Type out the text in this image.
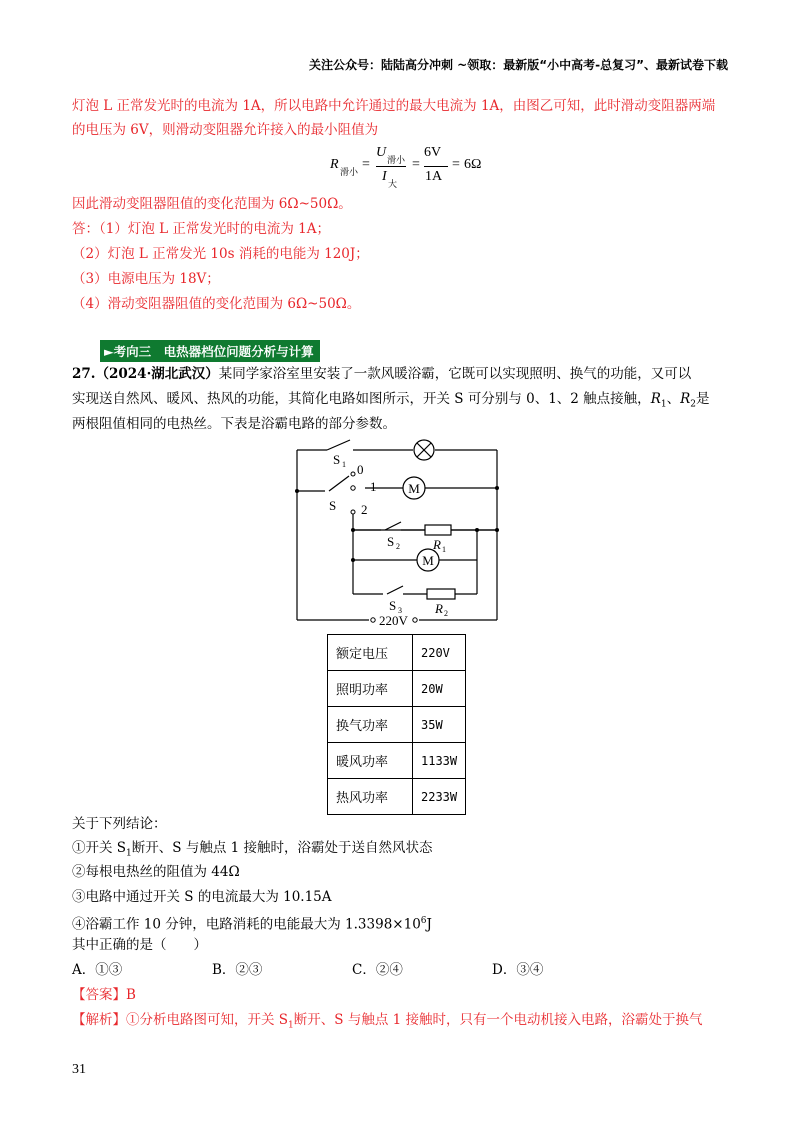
关注公众号：陆陆高分冲刺 ~领取：最新版“小中高考-总复习”、最新试卷下载
灯泡 L 正常发光时的电流为 1A，所以电路中允许通过的最大电流为 1A，由图乙可知，此时滑动变阻器两端
的电压为 6V，则滑动变阻器允许接入的最小阻值为
R 滑小 =
U 滑小
I 大
=
6V
1A
= 6Ω
因此滑动变阻器阻值的变化范围为 6Ω~50Ω。
答：（1）灯泡 L 正常发光时的电流为 1A；
（2）灯泡 L 正常发光 10s 消耗的电能为 120J；
（3）电源电压为 18V；
（4）滑动变阻器阻值的变化范围为 6Ω~50Ω。
►考向三　电热器档位问题分析与计算
27.（2024·湖北武汉）某同学家浴室里安装了一款风暖浴霸，它既可以实现照明、换气的功能，又可以
实现送自然风、暖风、热风的功能，其简化电路如图所示，开关 S 可分别与 0、1、2 触点接触，$R_1$、$R_2$是
两根阻值相同的电热丝。下表是浴霸电路的部分参数。
M
M
S 1 0
1
2
S
S 2	R 1
S 3	R 2
220V
额定电压	220V
照明功率	20W
换气功率	35W
暖风功率	1133W
热风功率	2233W
关于下列结论：
①开关 $S_1$断开、S 与触点 1 接触时，浴霸处于送自然风状态
②每根电热丝的阻值为 44Ω
③电路中通过开关 S 的电流最大为 10.15A
④浴霸工作 10 分钟，电路消耗的电能最大为 $1.3398\times 10^6J$
其中正确的是（　　）
A．①③	B．②③	C．②④	D．③④
【答案】B
【解析】①分析电路图可知，开关 $S_1$断开、S 与触点 1 接触时，只有一个电动机接入电路，浴霸处于换气
31
